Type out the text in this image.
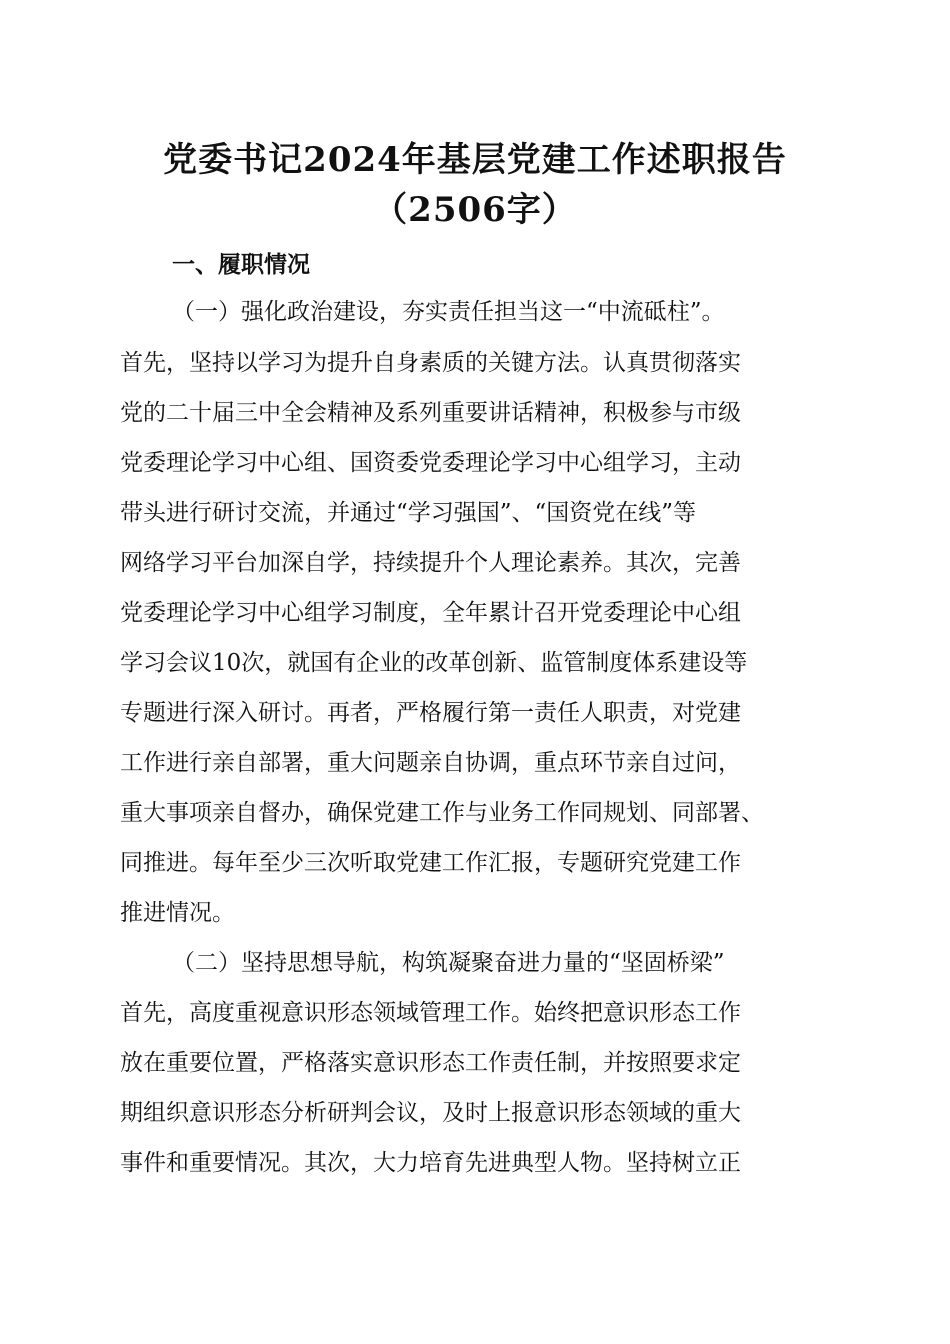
党委书记2024年基层党建工作述职报告
（2506字）
一、履职情况

（一）强化政治建设，夯实责任担当这一“中流砥柱”。

首先，坚持以学习为提升自身素质的关键方法。认真贯彻落实

党的二十届三中全会精神及系列重要讲话精神，积极参与市级

党委理论学习中心组、国资委党委理论学习中心组学习，主动

带头进行研讨交流，并通过“学习强国”、“国资党在线”等

网络学习平台加深自学，持续提升个人理论素养。其次，完善

党委理论学习中心组学习制度，全年累计召开党委理论中心组

学习会议10次，就国有企业的改革创新、监管制度体系建设等

专题进行深入研讨。再者，严格履行第一责任人职责，对党建

工作进行亲自部署，重大问题亲自协调，重点环节亲自过问，

重大事项亲自督办，确保党建工作与业务工作同规划、同部署、

同推进。每年至少三次听取党建工作汇报，专题研究党建工作

推进情况。

（二）坚持思想导航，构筑凝聚奋进力量的“坚固桥梁”

首先，高度重视意识形态领域管理工作。始终把意识形态工作

放在重要位置，严格落实意识形态工作责任制，并按照要求定

期组织意识形态分析研判会议，及时上报意识形态领域的重大

事件和重要情况。其次，大力培育先进典型人物。坚持树立正
